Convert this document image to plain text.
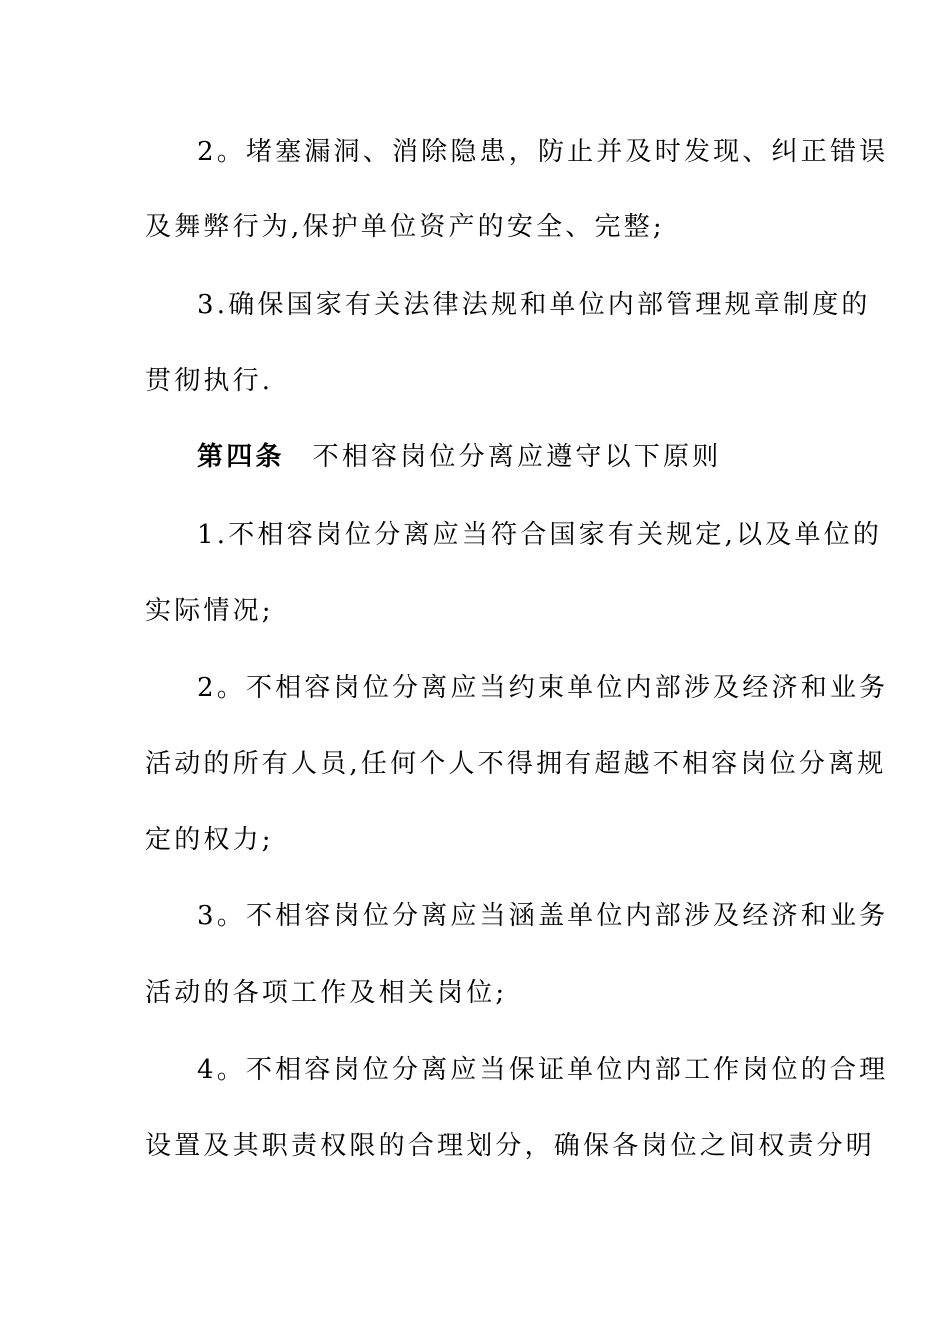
2。堵塞漏洞、消除隐患，防止并及时发现、纠正错误
及舞弊行为,保护单位资产的安全、完整;
3.确保国家有关法律法规和单位内部管理规章制度的
贯彻执行.
第四条 不相容岗位分离应遵守以下原则
1.不相容岗位分离应当符合国家有关规定,以及单位的
实际情况;
2。不相容岗位分离应当约束单位内部涉及经济和业务
活动的所有人员,任何个人不得拥有超越不相容岗位分离规
定的权力;
3。不相容岗位分离应当涵盖单位内部涉及经济和业务
活动的各项工作及相关岗位;
4。不相容岗位分离应当保证单位内部工作岗位的合理
设置及其职责权限的合理划分，确保各岗位之间权责分明
